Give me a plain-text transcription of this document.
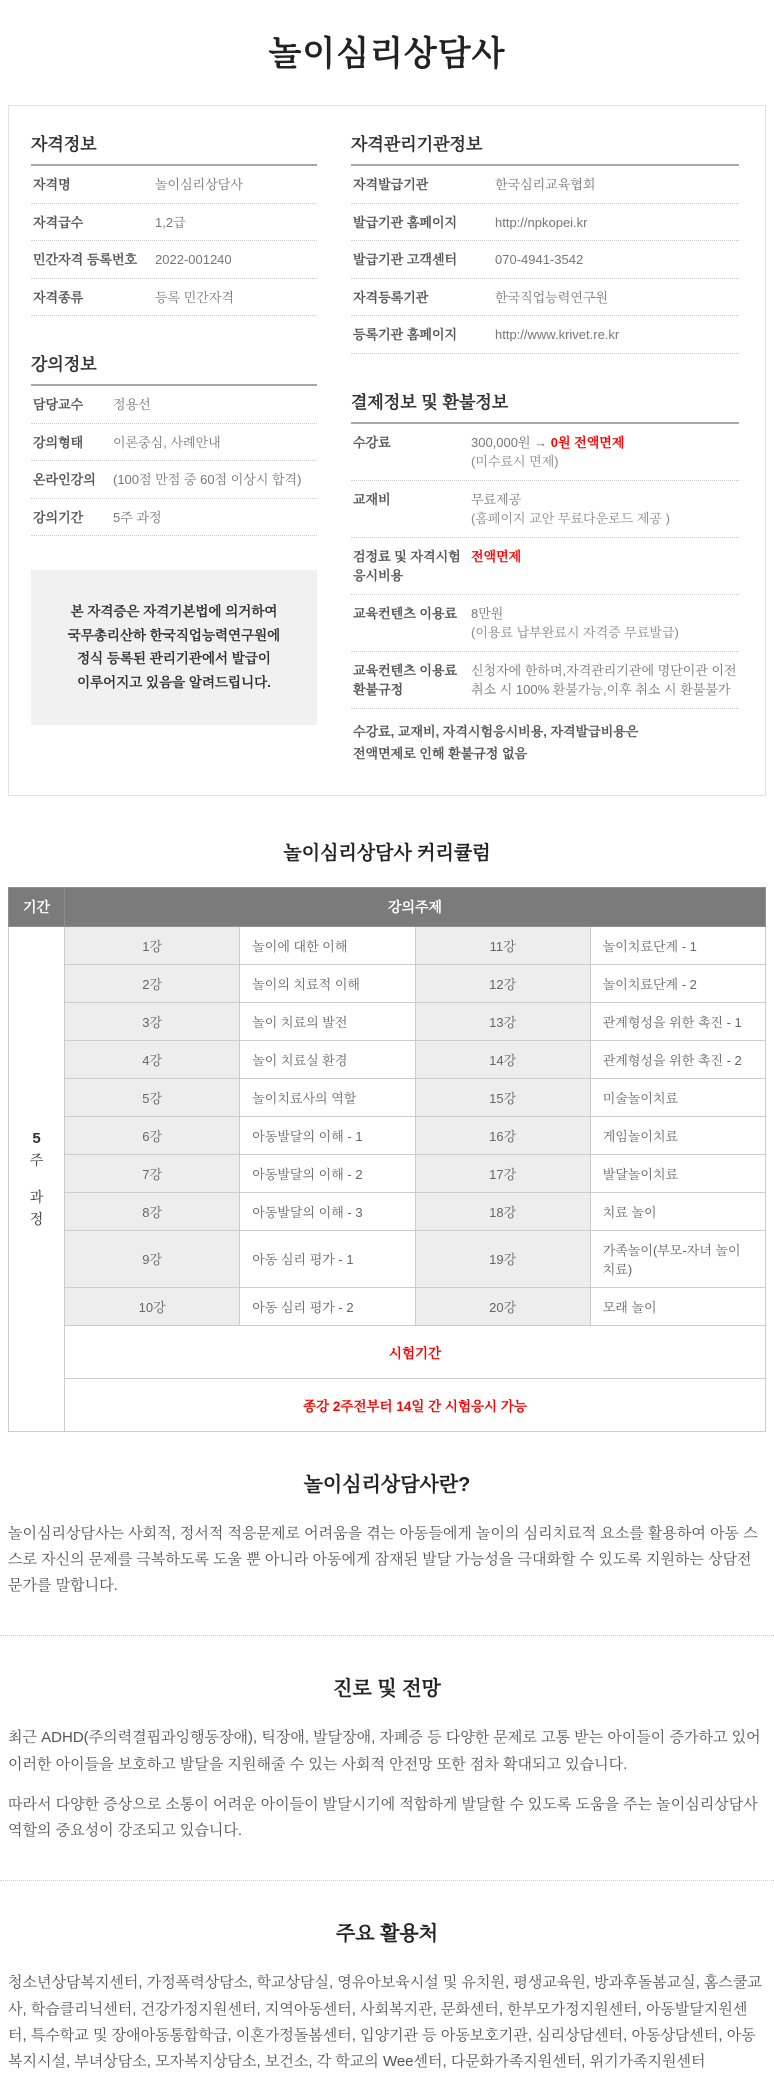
놀이심리상담사
자격정보
자격명	놀이심리상담사
자격급수	1,2급
민간자격 등록번호	2022-001240
자격종류	등록 민간자격
강의정보
담당교수	정용선
강의형태	이론중심, 사례안내
온라인강의	(100점 만점 중 60점 이상시 합격)
강의기간	5주 과정
본 자격증은 자격기본법에 의거하여
국무총리산하 한국직업능력연구원에
정식 등록된 관리기관에서 발급이
이루어지고 있음을 알려드립니다.
자격관리기관정보
자격발급기관	한국심리교육협회
발급기관 홈페이지	http://npkopei.kr
발급기관 고객센터	070-4941-3542
자격등록기관	한국직업능력연구원
등록기관 홈페이지	http://www.krivet.re.kr
결제정보 및 환불정보
수강료	300,000원 → 0원 전액면제
(미수료시 면제)
교재비	무료제공
(홈페이지 교안 무료다운로드 제공 )
검정료 및 자격시험 응시비용
전액면제
교육컨텐츠 이용료	8만원
(이용료 납부완료시 자격증 무료발급)
교육컨텐츠 이용료 환불규정
신청자에 한하며,자격관리기관에 명단이관 이전 취소 시 100% 환불가능,이후 취소 시 환불불가
수강료, 교재비, 자격시험응시비용, 자격발급비용은
전액면제로 인해 환불규정 없음
놀이심리상담사 커리큘럼
기간	강의주제			

5
주
과
정	1강	놀이에 대한 이해	11강	놀이치료단계 - 1
	2강	놀이의 치료적 이해	12강	놀이치료단계 - 2
	3강	놀이 치료의 발전	13강	관계형성을 위한 촉진 - 1
	4강	놀이 치료실 환경	14강	관계형성을 위한 촉진 - 2
	5강	놀이치료사의 역할	15강	미술놀이치료
	6강	아동발달의 이해 - 1	16강	게임놀이치료
	7강	아동발달의 이해 - 2	17강	발달놀이치료
	8강	아동발달의 이해 - 3	18강	치료 놀이
	9강	아동 심리 평가 - 1	19강	가족놀이(부모-자녀 놀이치료)
	10강	아동 심리 평가 - 2	20강	모래 놀이
	시험기간			
	종강 2주전부터 14일 간 시험응시 가능			
놀이심리상담사란?

놀이심리상담사는 사회적, 정서적 적응문제로 어려움을 겪는 아동들에게 놀이의 심리치료적 요소를 활용하여 아동 스스로 자신의 문제를 극복하도록 도울 뿐 아니라 아동에게 잠재된 발달 가능성을 극대화할 수 있도록 지원하는 상담전문가를 말합니다.

진로 및 전망

최근 ADHD(주의력결핍과잉행동장애), 틱장애, 발달장애, 자폐증 등 다양한 문제로 고통 받는 아이들이 증가하고 있어 이러한 아이들을 보호하고 발달을 지원해줄 수 있는 사회적 안전망 또한 점차 확대되고 있습니다.

따라서 다양한 증상으로 소통이 어려운 아이들이 발달시기에 적합하게 발달할 수 있도록 도움을 주는 놀이심리상담사 역할의 중요성이 강조되고 있습니다.

주요 활용처

청소년상담복지센터, 가정폭력상담소, 학교상담실, 영유아보육시설 및 유치원, 평생교육원, 방과후돌봄교실, 홈스쿨교사, 학습클리닉센터, 건강가정지원센터, 지역아동센터, 사회복지관, 문화센터, 한부모가정지원센터, 아동발달지원센터, 특수학교 및 장애아동통합학급, 이혼가정돌봄센터, 입양기관 등 아동보호기관, 심리상담센터, 아동상담센터, 아동복지시설, 부녀상담소, 모자복지상담소, 보건소, 각 학교의 Wee센터, 다문화가족지원센터, 위기가족지원센터
